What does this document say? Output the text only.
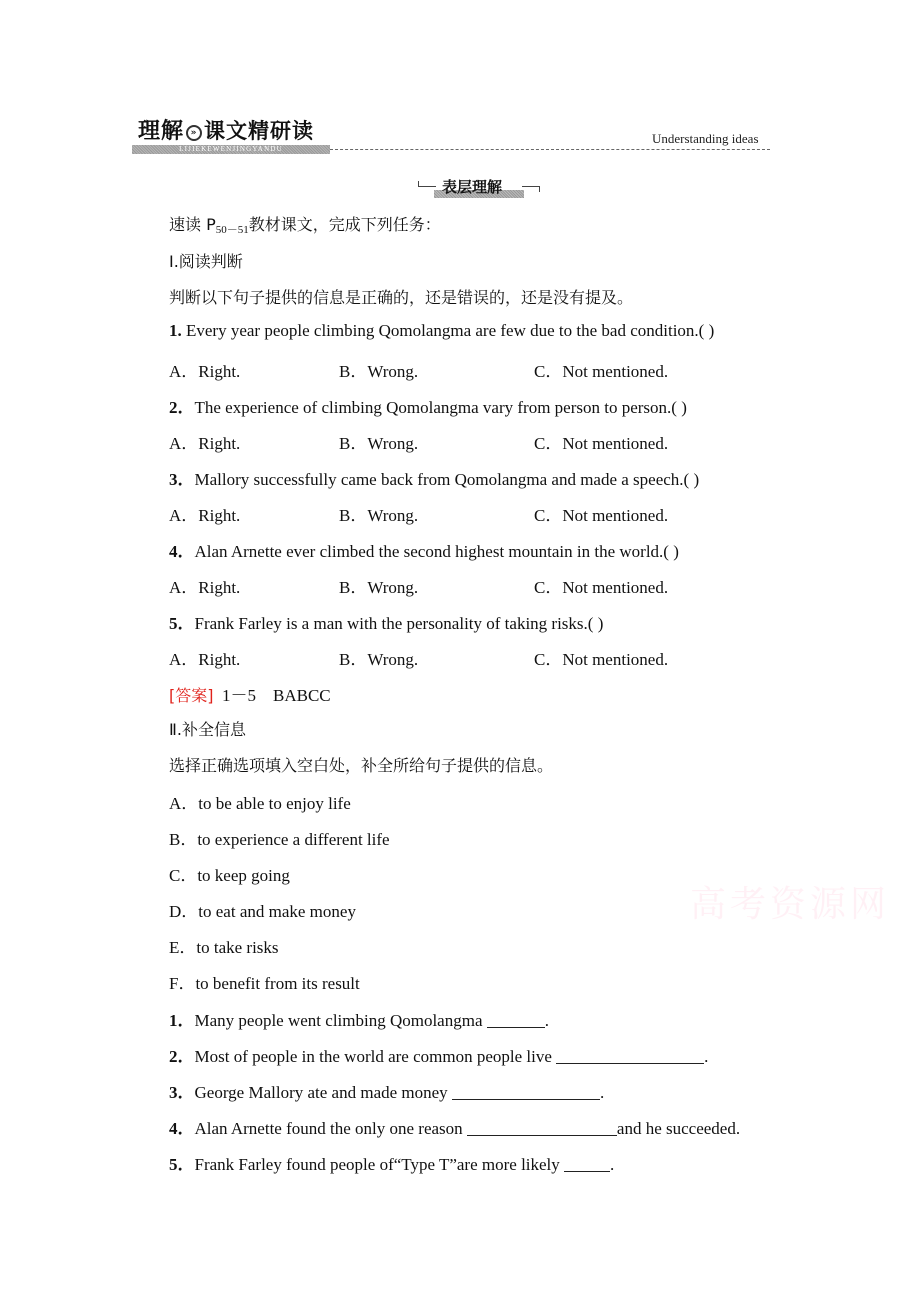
理解 » 课文精研读
LIJIEKEWENJINGYANDU
Understanding ideas
表层理解
速读 $P_{50-51}$教材课文，完成下列任务：
Ⅰ.阅读判断
判断以下句子提供的信息是正确的，还是错误的，还是没有提及。
1. Every year people climbing Qomolangma are few due to the bad condition.( )
A．Right.	B．Wrong.	C．Not mentioned.
2．The experience of climbing Qomolangma vary from person to person.( )
A．Right.	B．Wrong.	C．Not mentioned.
3．Mallory successfully came back from Qomolangma and made a speech.( )
A．Right.	B．Wrong.	C．Not mentioned.
4．Alan Arnette ever climbed the second highest mountain in the world.( )
A．Right.	B．Wrong.	C．Not mentioned.
5．Frank Farley is a man with the personality of taking risks.( )
A．Right.	B．Wrong.	C．Not mentioned.
[答案]  1－5    BABCC
Ⅱ.补全信息
选择正确选项填入空白处，补全所给句子提供的信息。
A．to be able to enjoy life
B．to experience a different life
C．to keep going
D．to eat and make money
E．to take risks
F．to benefit from its result
1．Many people went climbing Qomolangma	.
2．Most of people in the world are common people live	.
3．George Mallory ate and made money	.
4．Alan Arnette found the only one reason	and he succeeded.
5．Frank Farley found people of“Type T”are more likely	.
高考资源网
